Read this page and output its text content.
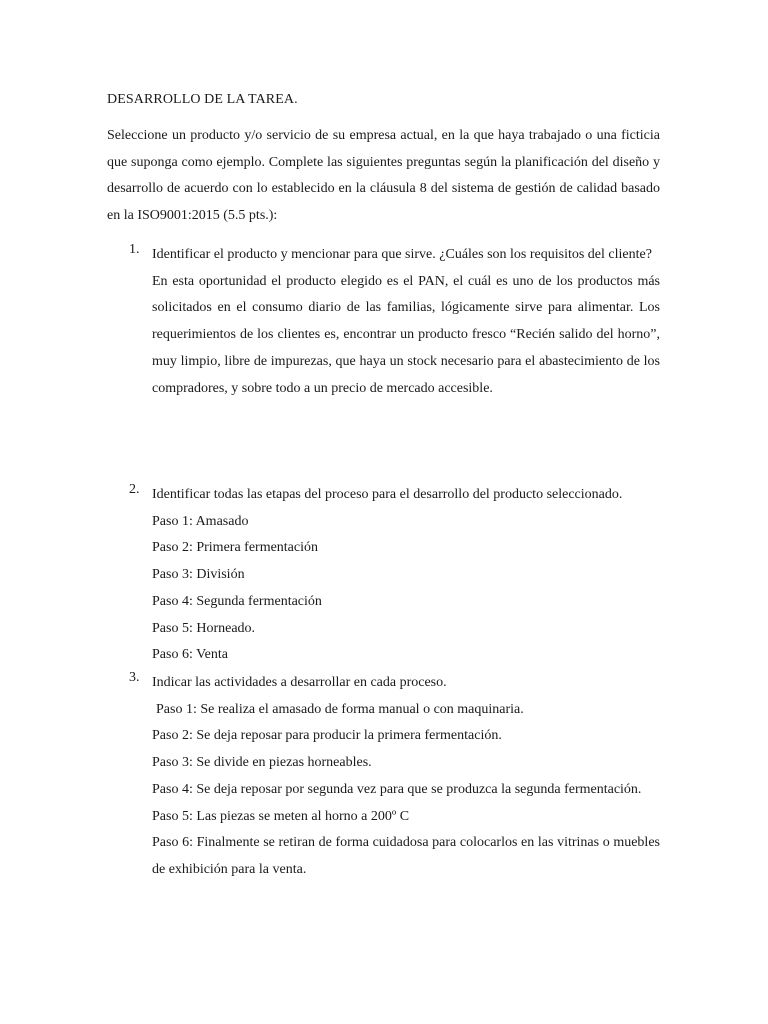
DESARROLLO DE LA TAREA.
Seleccione un producto y/o servicio de su empresa actual, en la que haya trabajado o una ficticia que suponga como ejemplo. Complete las siguientes preguntas según la planificación del diseño y desarrollo de acuerdo con lo establecido en la cláusula 8 del sistema de gestión de calidad basado en la ISO9001:2015 (5.5 pts.):
1. Identificar el producto y mencionar para que sirve. ¿Cuáles son los requisitos del cliente?
En esta oportunidad el producto elegido es el PAN, el cuál es uno de los productos más solicitados en el consumo diario de las familias, lógicamente sirve para alimentar. Los requerimientos de los clientes es, encontrar un producto fresco “Recién salido del horno”, muy limpio, libre de impurezas, que haya un stock necesario para el abastecimiento de los compradores, y sobre todo a un precio de mercado accesible.
2. Identificar todas las etapas del proceso para el desarrollo del producto seleccionado.
Paso 1: Amasado
Paso 2: Primera fermentación
Paso 3: División
Paso 4: Segunda fermentación
Paso 5: Horneado.
Paso 6: Venta
3. Indicar las actividades a desarrollar en cada proceso.
Paso 1: Se realiza el amasado de forma manual o con maquinaria.
Paso 2: Se deja reposar para producir la primera fermentación.
Paso 3: Se divide en piezas horneables.
Paso 4: Se deja reposar por segunda vez para que se produzca la segunda fermentación.
Paso 5: Las piezas se meten al horno a 200º C
Paso 6: Finalmente se retiran de forma cuidadosa para colocarlos en las vitrinas o muebles de exhibición para la venta.
